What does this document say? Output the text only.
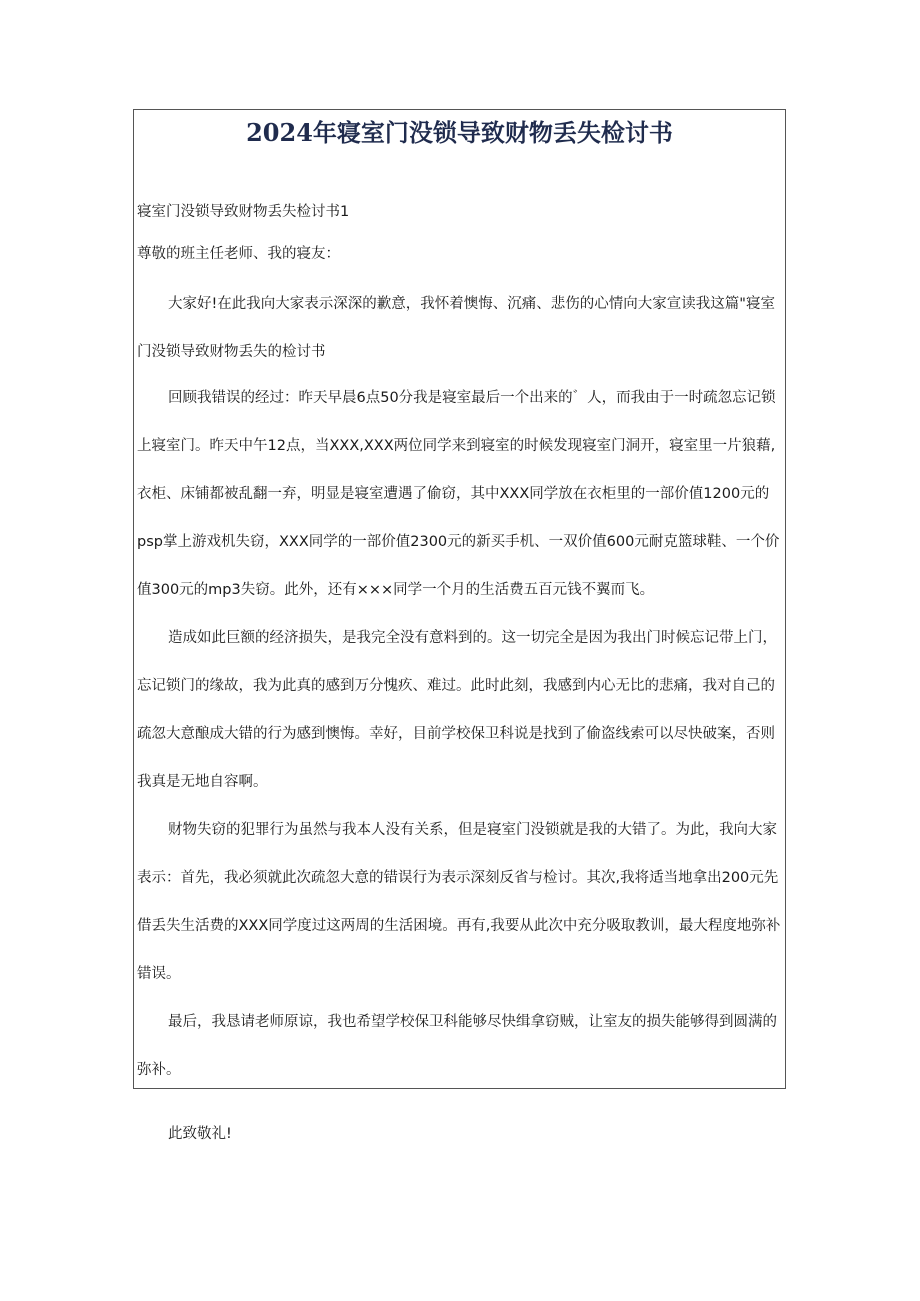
2024年寝室门没锁导致财物丢失检讨书

寝室门没锁导致财物丢失检讨书1

尊敬的班主任老师、我的寝友：

大家好!在此我向大家表示深深的歉意，我怀着懊悔、沉痛、悲伤的心情向大家宣读我这篇"寝室门没锁导致财物丢失的检讨书

回顾我错误的经过：昨天早晨6点50分我是寝室最后一个出来的゛人，而我由于一时疏忽忘记锁上寝室门。昨天中午12点，当XXX,XXX两位同学来到寝室的时候发现寝室门洞开，寝室里一片狼藉,衣柜、床铺都被乱翻一弃，明显是寝室遭遇了偷窃，其中XXX同学放在衣柜里的一部价值1200元的psp掌上游戏机失窃，XXX同学的一部价值2300元的新买手机、一双价值600元耐克篮球鞋、一个价值300元的mp3失窃。此外，还有×××同学一个月的生活费五百元钱不翼而飞。

造成如此巨额的经济损失，是我完全没有意料到的。这一切完全是因为我出门时候忘记带上门，忘记锁门的缘故，我为此真的感到万分愧疚、难过。此时此刻，我感到内心无比的悲痛，我对自己的疏忽大意酿成大错的行为感到懊悔。幸好，目前学校保卫科说是找到了偷盗线索可以尽快破案，否则我真是无地自容啊。

财物失窃的犯罪行为虽然与我本人没有关系，但是寝室门没锁就是我的大错了。为此，我向大家表示：首先，我必须就此次疏忽大意的错误行为表示深刻反省与检讨。其次,我将适当地拿出200元先借丢失生活费的XXX同学度过这两周的生活困境。再有,我要从此次中充分吸取教训，最大程度地弥补错误。

最后，我恳请老师原谅，我也希望学校保卫科能够尽快缉拿窃贼，让室友的损失能够得到圆满的弥补。

此致敬礼!
